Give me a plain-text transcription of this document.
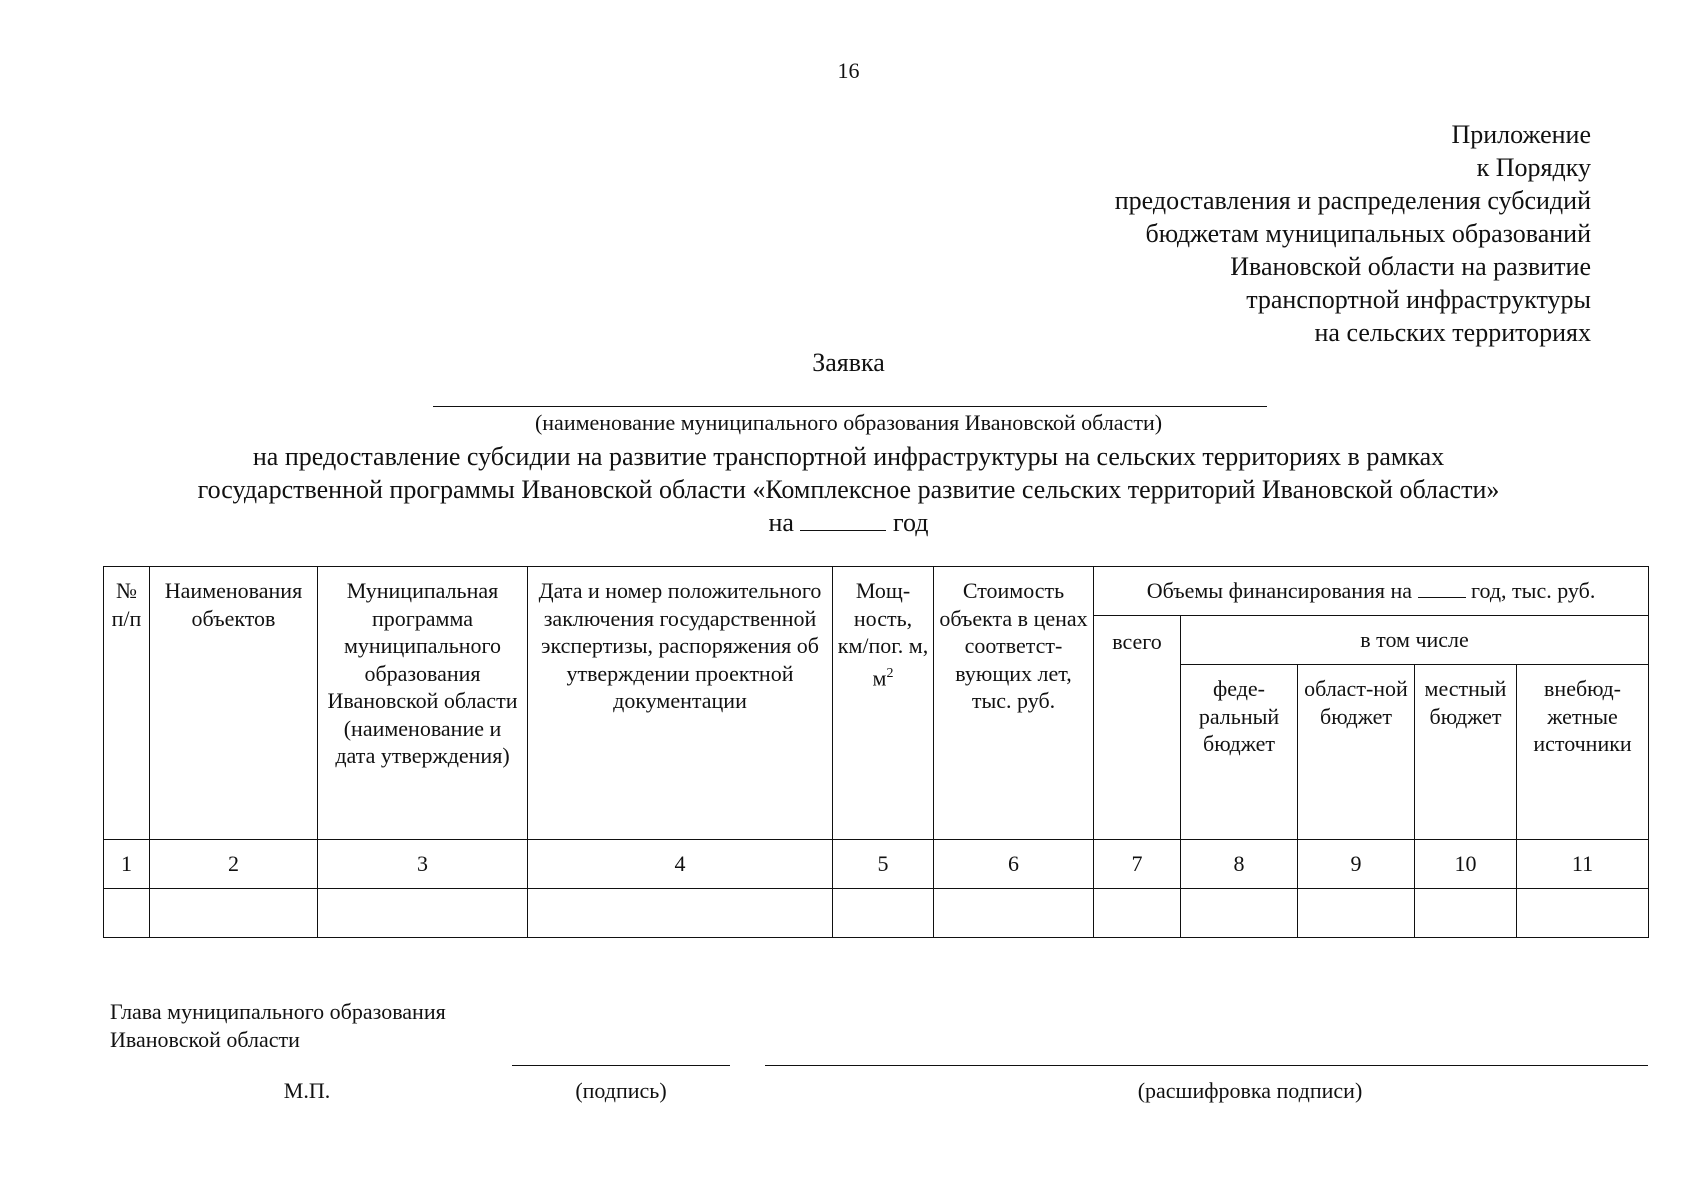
16
Приложение
к Порядку
предоставления и распределения субсидий
бюджетам муниципальных образований
Ивановской области на развитие
транспортной инфраструктуры
на сельских территориях
Заявка
(наименование муниципального образования Ивановской области)
на предоставление субсидии на развитие транспортной инфраструктуры на сельских территориях в рамках
государственной программы Ивановской области «Комплексное развитие сельских территорий Ивановской области»
на	год
№ п/п	Наименования объектов	Муниципальная программа муниципального образования Ивановской области (наименование и дата утверждения)	Дата и номер положительного заключения государственной экспертизы, распоряжения об утверждении проектной документации	Мощ-ность, км/пог. м, $м^2$	Стоимость объекта в ценах соответст-вующих лет, тыс. руб.	Объемы финансирования на год, тыс. руб.				
						всего	в том числе			
							феде-ральный бюджет	област-ной бюджет	местный бюджет	внебюд-жетные источники
1	2	3	4	5	6	7	8	9	10	11

Глава муниципального образования
Ивановской области
М.П.	(подпись)	(расшифровка подписи)
